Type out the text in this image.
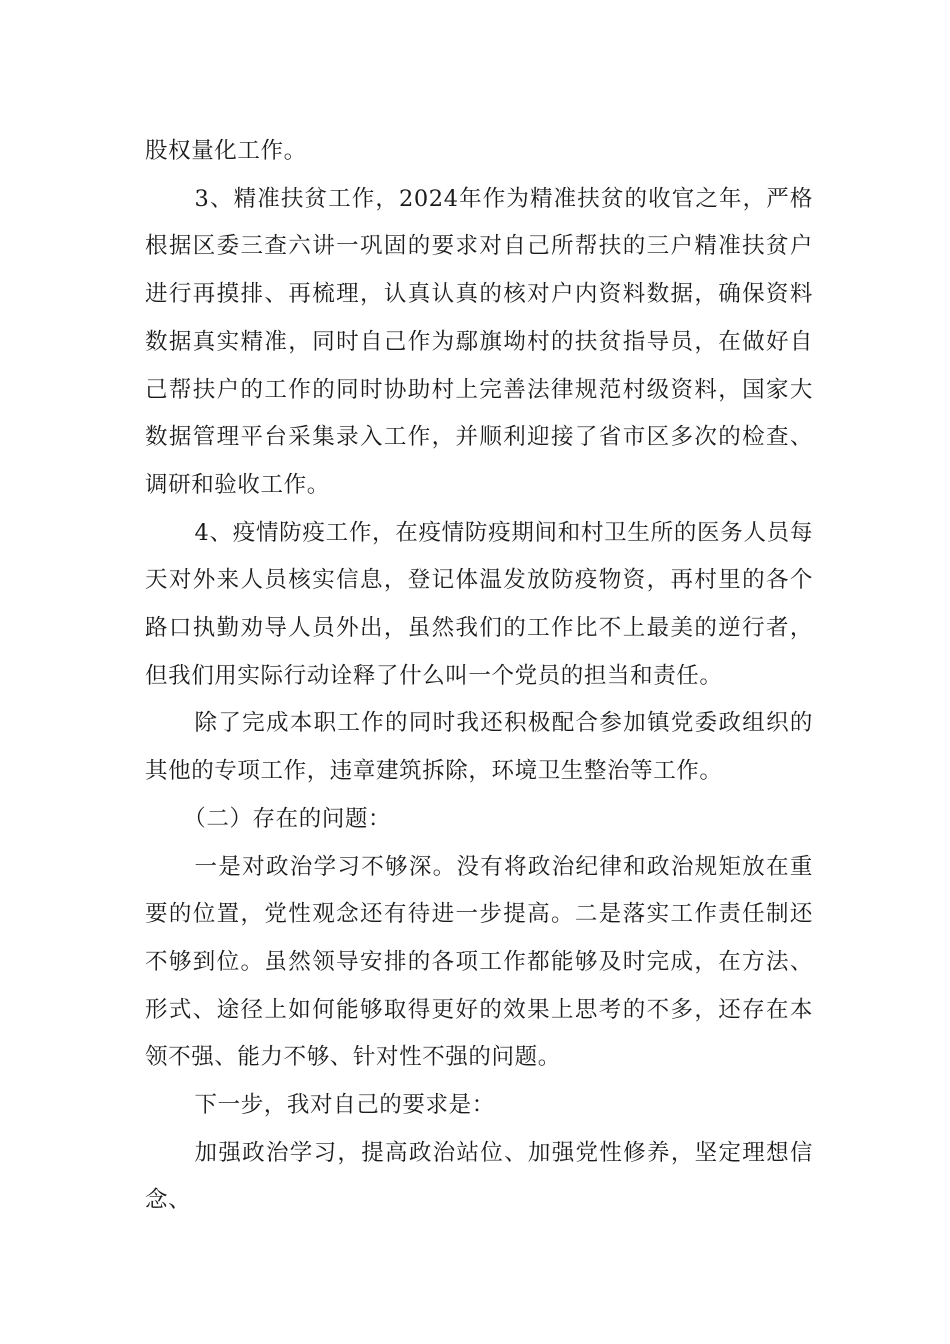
股权量化工作。

3、精准扶贫工作，2024年作为精准扶贫的收官之年，严格根据区委三查六讲一巩固的要求对自己所帮扶的三户精准扶贫户进行再摸排、再梳理，认真认真的核对户内资料数据，确保资料数据真实精准，同时自己作为鄢旗坳村的扶贫指导员，在做好自己帮扶户的工作的同时协助村上完善法律规范村级资料，国家大数据管理平台采集录入工作，并顺利迎接了省市区多次的检查、调研和验收工作。

4、疫情防疫工作，在疫情防疫期间和村卫生所的医务人员每天对外来人员核实信息，登记体温发放防疫物资，再村里的各个路口执勤劝导人员外出，虽然我们的工作比不上最美的逆行者，但我们用实际行动诠释了什么叫一个党员的担当和责任。

除了完成本职工作的同时我还积极配合参加镇党委政组织的其他的专项工作，违章建筑拆除，环境卫生整治等工作。

（二）存在的问题：

一是对政治学习不够深。没有将政治纪律和政治规矩放在重要的位置，党性观念还有待进一步提高。二是落实工作责任制还不够到位。虽然领导安排的各项工作都能够及时完成，在方法、形式、途径上如何能够取得更好的效果上思考的不多，还存在本领不强、能力不够、针对性不强的问题。

下一步，我对自己的要求是：

加强政治学习，提高政治站位、加强党性修养，坚定理想信念、
